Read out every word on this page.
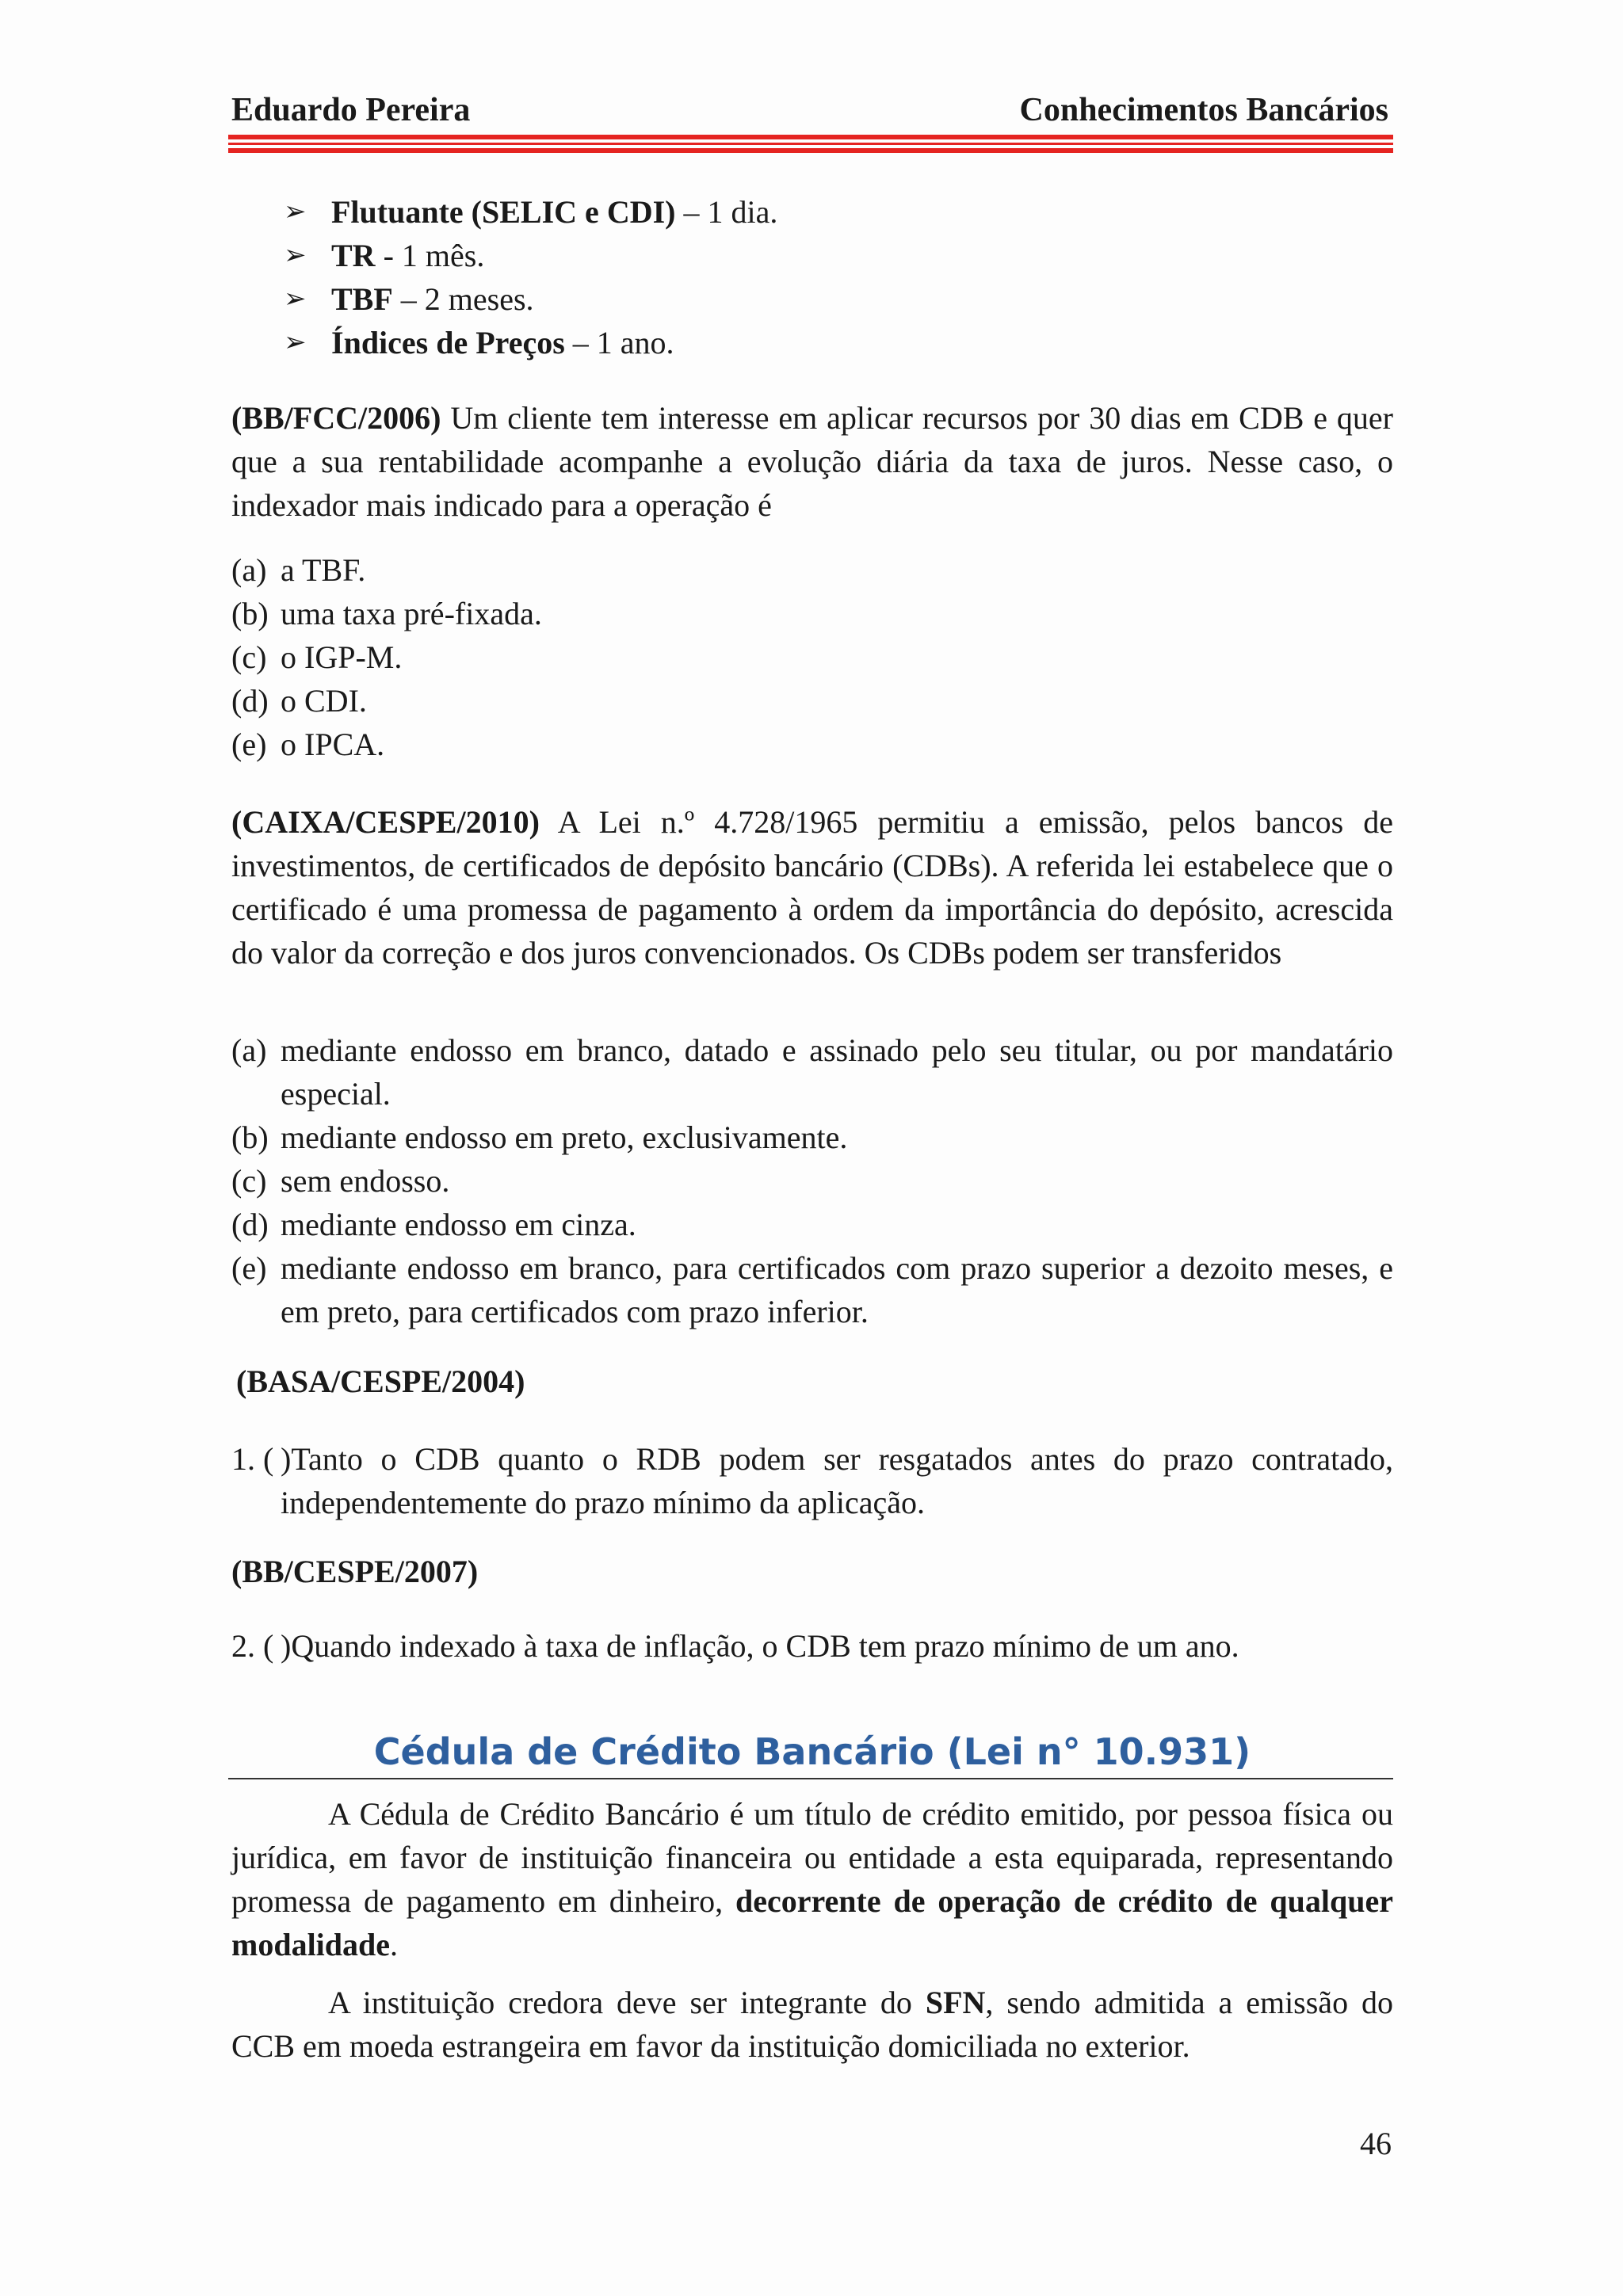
Eduardo Pereira	Conhecimentos Bancários
➢ Flutuante (SELIC e CDI) – 1 dia.
➢ TR - 1 mês.
➢ TBF – 2 meses.
➢ Índices de Preços – 1 ano.
(BB/FCC/2006) Um cliente tem interesse em aplicar recursos por 30 dias em CDB e quer que a sua rentabilidade acompanhe a evolução diária da taxa de juros. Nesse caso, o indexador mais indicado para a operação é
(a) a TBF.
(b) uma taxa pré-fixada.
(c) o IGP-M.
(d) o CDI.
(e) o IPCA.
(CAIXA/CESPE/2010) A Lei n.º 4.728/1965 permitiu a emissão, pelos bancos de investimentos, de certificados de depósito bancário (CDBs). A referida lei estabelece que o certificado é uma promessa de pagamento à ordem da importância do depósito, acrescida do valor da correção e dos juros convencionados. Os CDBs podem ser transferidos
(a) mediante endosso em branco, datado e assinado pelo seu titular, ou por mandatário especial.
(b) mediante endosso em preto, exclusivamente.
(c) sem endosso.
(d) mediante endosso em cinza.
(e) mediante endosso em branco, para certificados com prazo superior a dezoito meses, e em preto, para certificados com prazo inferior.
(BASA/CESPE/2004)
1. ( )Tanto o CDB quanto o RDB podem ser resgatados antes do prazo contratado, independentemente do prazo mínimo da aplicação.
(BB/CESPE/2007)
2. ( )Quando indexado à taxa de inflação, o CDB tem prazo mínimo de um ano.
Cédula de Crédito Bancário (Lei n° 10.931)
A Cédula de Crédito Bancário é um título de crédito emitido, por pessoa física ou jurídica, em favor de instituição financeira ou entidade a esta equiparada, representando promessa de pagamento em dinheiro, decorrente de operação de crédito de qualquer modalidade.
A instituição credora deve ser integrante do SFN, sendo admitida a emissão do CCB em moeda estrangeira em favor da instituição domiciliada no exterior.
46
